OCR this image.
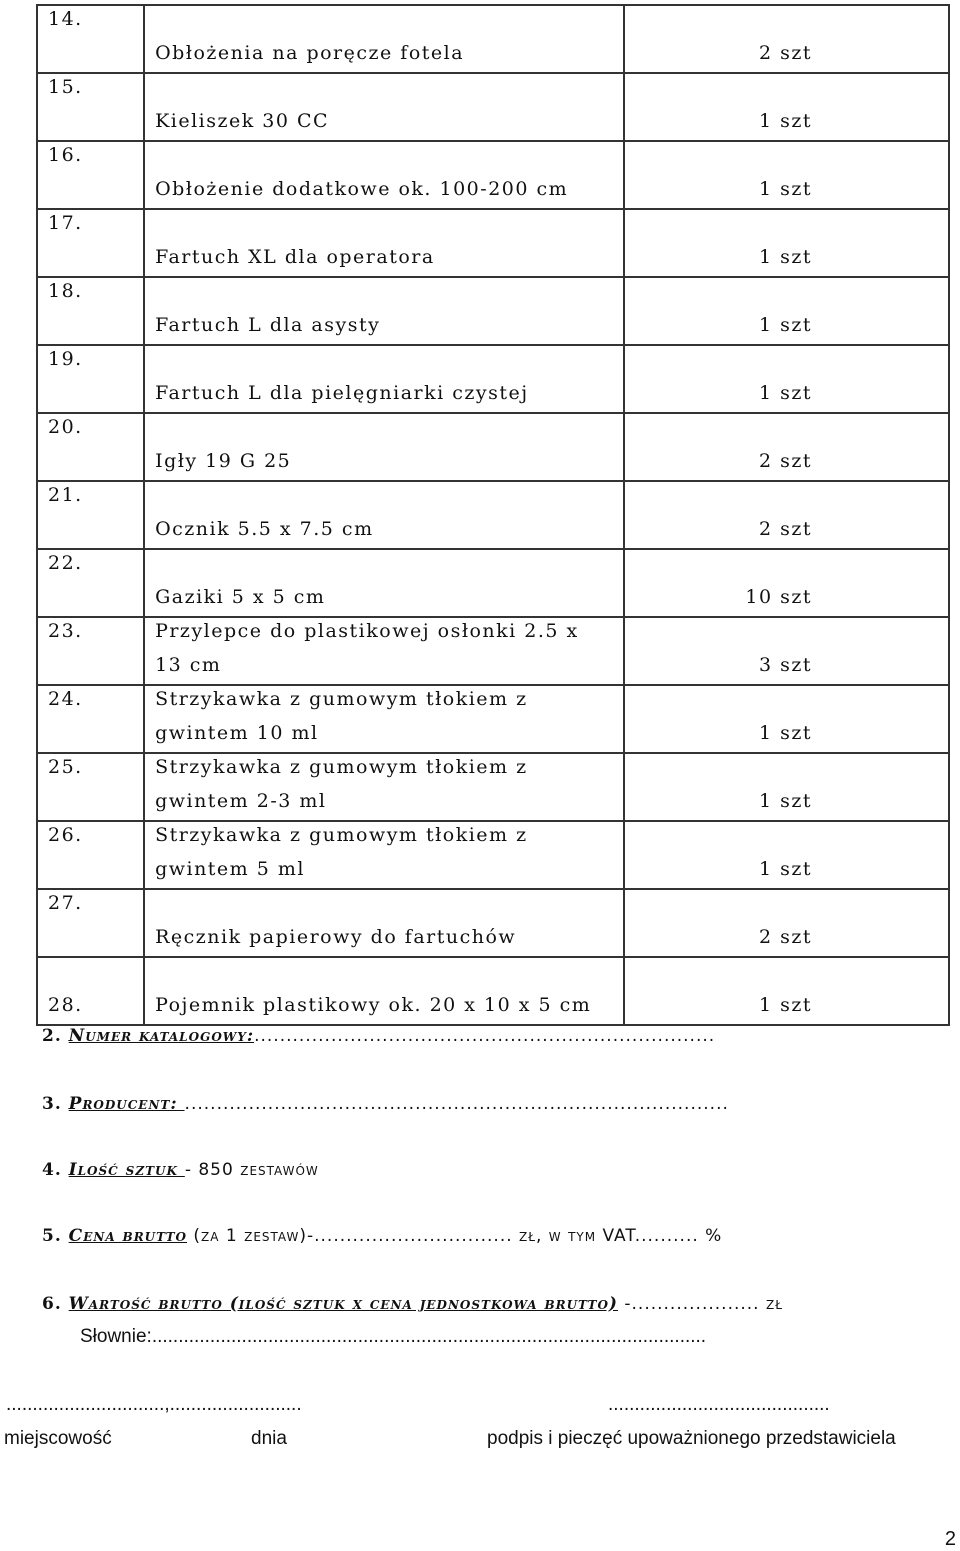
14.	Obłożenia na poręcze fotela	2 szt

15.	Kieliszek 30 CC	1 szt

16.	Obłożenie dodatkowe ok. 100-200 cm	1 szt

17.	Fartuch XL dla operatora	1 szt

18.	Fartuch L dla asysty	1 szt

19.	Fartuch L dla pielęgniarki czystej	1 szt

20.	Igły 19 G 25	2 szt

21.	Ocznik 5.5 x 7.5 cm	2 szt

22.	Gaziki 5 x 5 cm	10 szt

23.	Przylepce do plastikowej osłonki 2.5 x
13 cm	3 szt

24.	Strzykawka z gumowym tłokiem z
gwintem 10 ml	1 szt

25.	Strzykawka z gumowym tłokiem z
gwintem 2-3 ml	1 szt

26.	Strzykawka z gumowym tłokiem z
gwintem 5 ml	1 szt

27.	Ręcznik papierowy do fartuchów	2 szt

28.	Pojemnik plastikowy ok. 20 x 10 x 5 cm	1 szt
2. Numer katalogowy:........................................................................
3. Producent: .....................................................................................
4. Ilość sztuk - 850 zestawów
5. Cena brutto (za 1 zestaw)-............................... zł, w tym VAT.......... %
6. Wartość brutto (ilość sztuk x cena jednostkowa brutto) -.................... zł
Słownie:.........................................................................................................
..............................,.........................	..........................................
miejscowość	dnia	podpis i pieczęć upoważnionego przedstawiciela
2
